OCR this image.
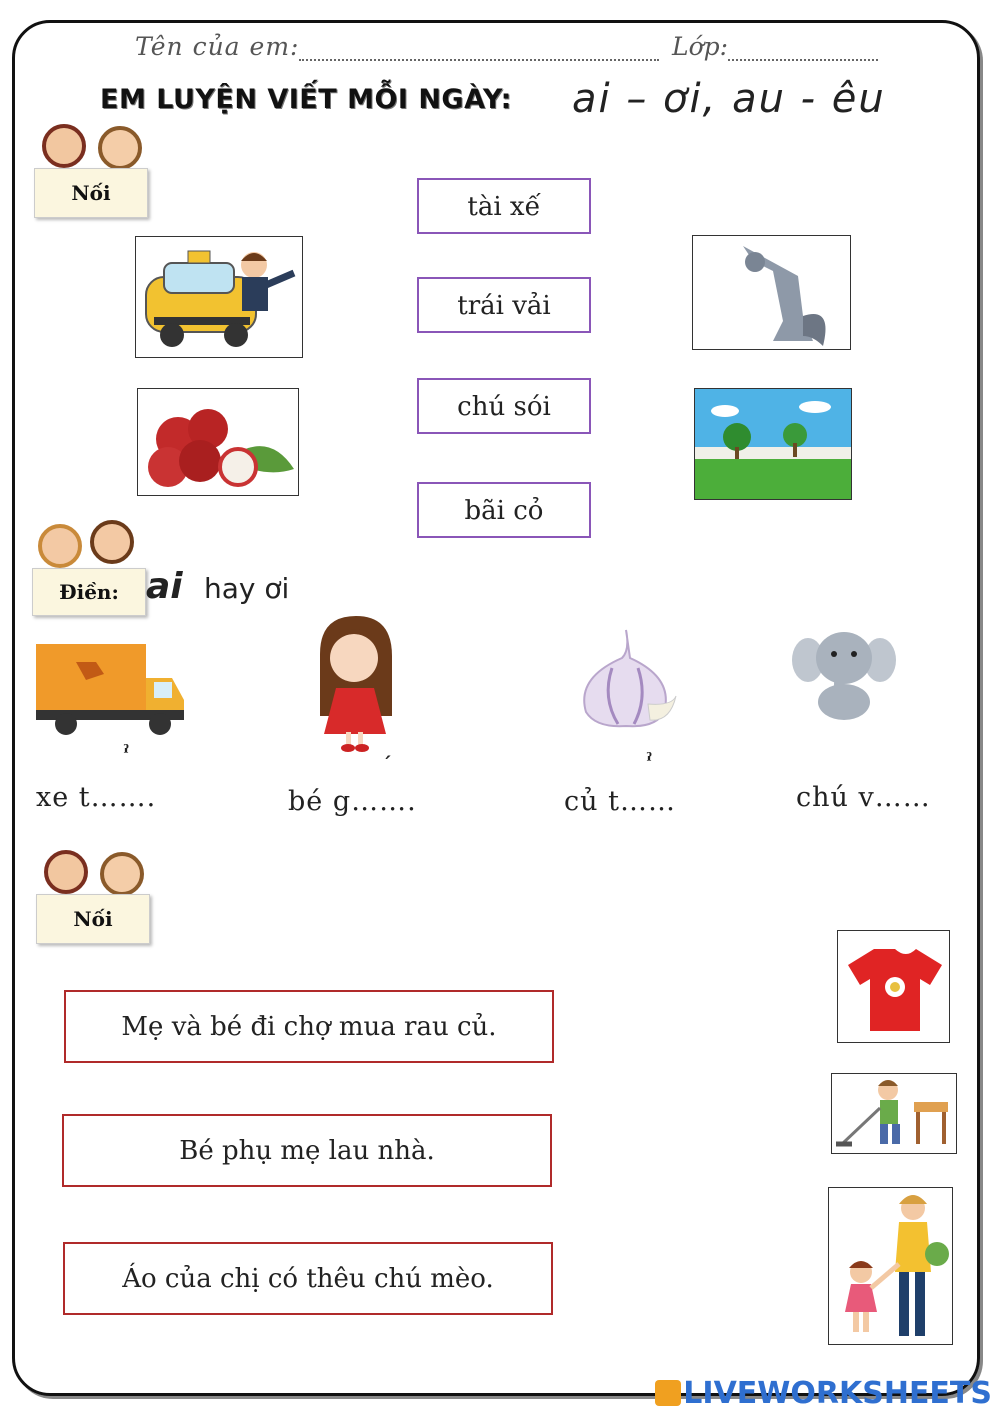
Tên của em:	Lớp:
EM LUYỆN VIẾT MỖI NGÀY: ai – ơi, au - êu
Nối	tài xế
trái vải
chú sói
bãi cỏ
Điền: ai hay ơi
ˀ	´	ˀ
xe t…….	bé g…….	củ t……	chú v……
Nối
Mẹ và bé đi chợ mua rau củ.
Bé phụ mẹ lau nhà.
Áo của chị có thêu chú mèo.
LIVEWORKSHEETS
